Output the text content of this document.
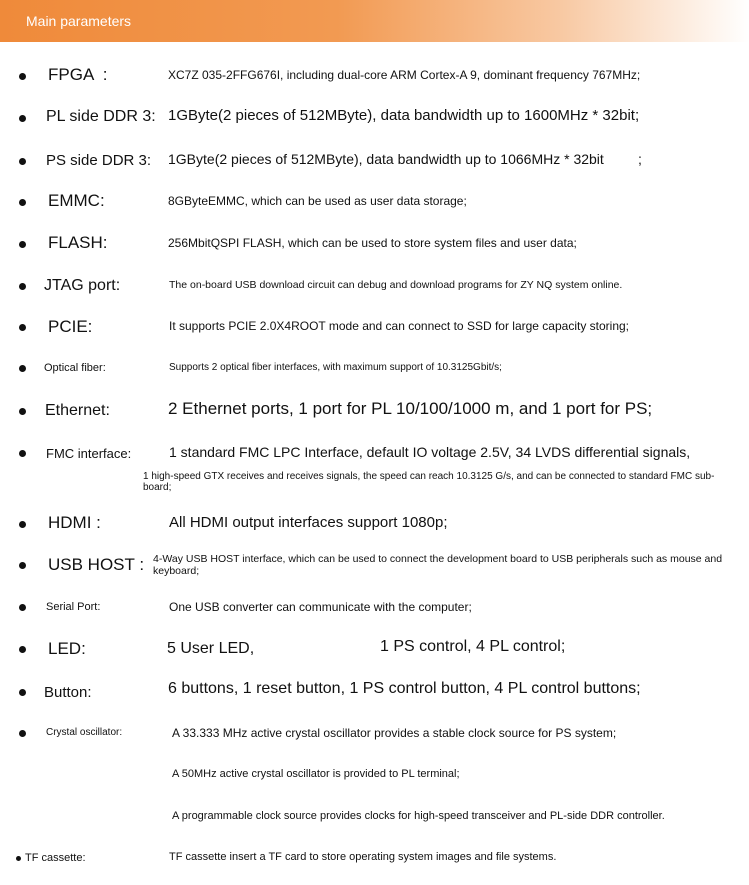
Main parameters
FPGA  :	XC7Z 035-2FFG676I, including dual-core ARM Cortex-A 9, dominant frequency 767MHz;
PL side DDR 3: 1GByte(2 pieces of 512MByte), data bandwidth up to 1600MHz * 32bit;
PS side DDR 3: 1GByte(2 pieces of 512MByte), data bandwidth up to 1066MHz * 32bit ;
EMMC:	8GByteEMMC, which can be used as user data storage;
FLASH:	256MbitQSPI FLASH, which can be used to store system files and user data;
JTAG port:	The on-board USB download circuit can debug and download programs for ZY NQ system online.
PCIE:	It supports PCIE 2.0X4ROOT mode and can connect to SSD for large capacity storing;
Optical fiber:	Supports 2 optical fiber interfaces, with maximum support of 10.3125Gbit/s;
Ethernet:	2 Ethernet ports, 1 port for PL 10/100/1000 m, and 1 port for PS;
FMC interface:	1 standard FMC LPC Interface, default IO voltage 2.5V, 34 LVDS differential signals,
1 high-speed GTX receives and receives signals, the speed can reach 10.3125 G/s, and can be connected to standard FMC sub-board;
HDMI :	All HDMI output interfaces support 1080p;
USB HOST : 4-Way USB HOST interface, which can be used to connect the development board to USB peripherals such as mouse and keyboard;
Serial Port:	One USB converter can communicate with the computer;
LED:	5 User LED,	1 PS control, 4 PL control;
Button:	6 buttons, 1 reset button, 1 PS control button, 4 PL control buttons;
Crystal oscillator:	A 33.333 MHz active crystal oscillator provides a stable clock source for PS system;
A 50MHz active crystal oscillator is provided to PL terminal;
A programmable clock source provides clocks for high-speed transceiver and PL-side DDR controller.
TF cassette:	TF cassette insert a TF card to store operating system images and file systems.
